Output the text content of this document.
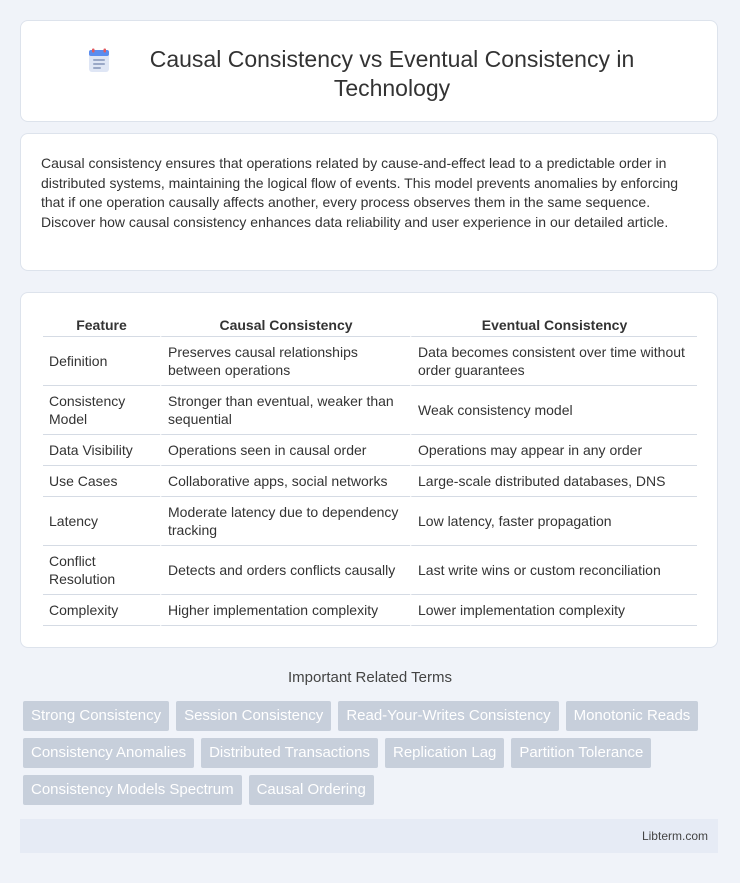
Causal Consistency vs Eventual Consistency in Technology

Causal consistency ensures that operations related by cause-and-effect lead to a predictable order in distributed systems, maintaining the logical flow of events. This model prevents anomalies by enforcing that if one operation causally affects another, every process observes them in the same sequence. Discover how causal consistency enhances data reliability and user experience in our detailed article.

Feature	Causal Consistency	Eventual Consistency
Definition	Preserves causal relationships between operations	Data becomes consistent over time without order guarantees
Consistency Model	Stronger than eventual, weaker than sequential	Weak consistency model
Data Visibility	Operations seen in causal order	Operations may appear in any order
Use Cases	Collaborative apps, social networks	Large-scale distributed databases, DNS
Latency	Moderate latency due to dependency tracking	Low latency, faster propagation
Conflict Resolution	Detects and orders conflicts causally	Last write wins or custom reconciliation
Complexity	Higher implementation complexity	Lower implementation complexity
Important Related Terms
Strong Consistency	Session Consistency	Read-Your-Writes Consistency	Monotonic Reads
Consistency Anomalies	Distributed Transactions	Replication Lag	Partition Tolerance
Consistency Models Spectrum	Causal Ordering
Libterm.com
